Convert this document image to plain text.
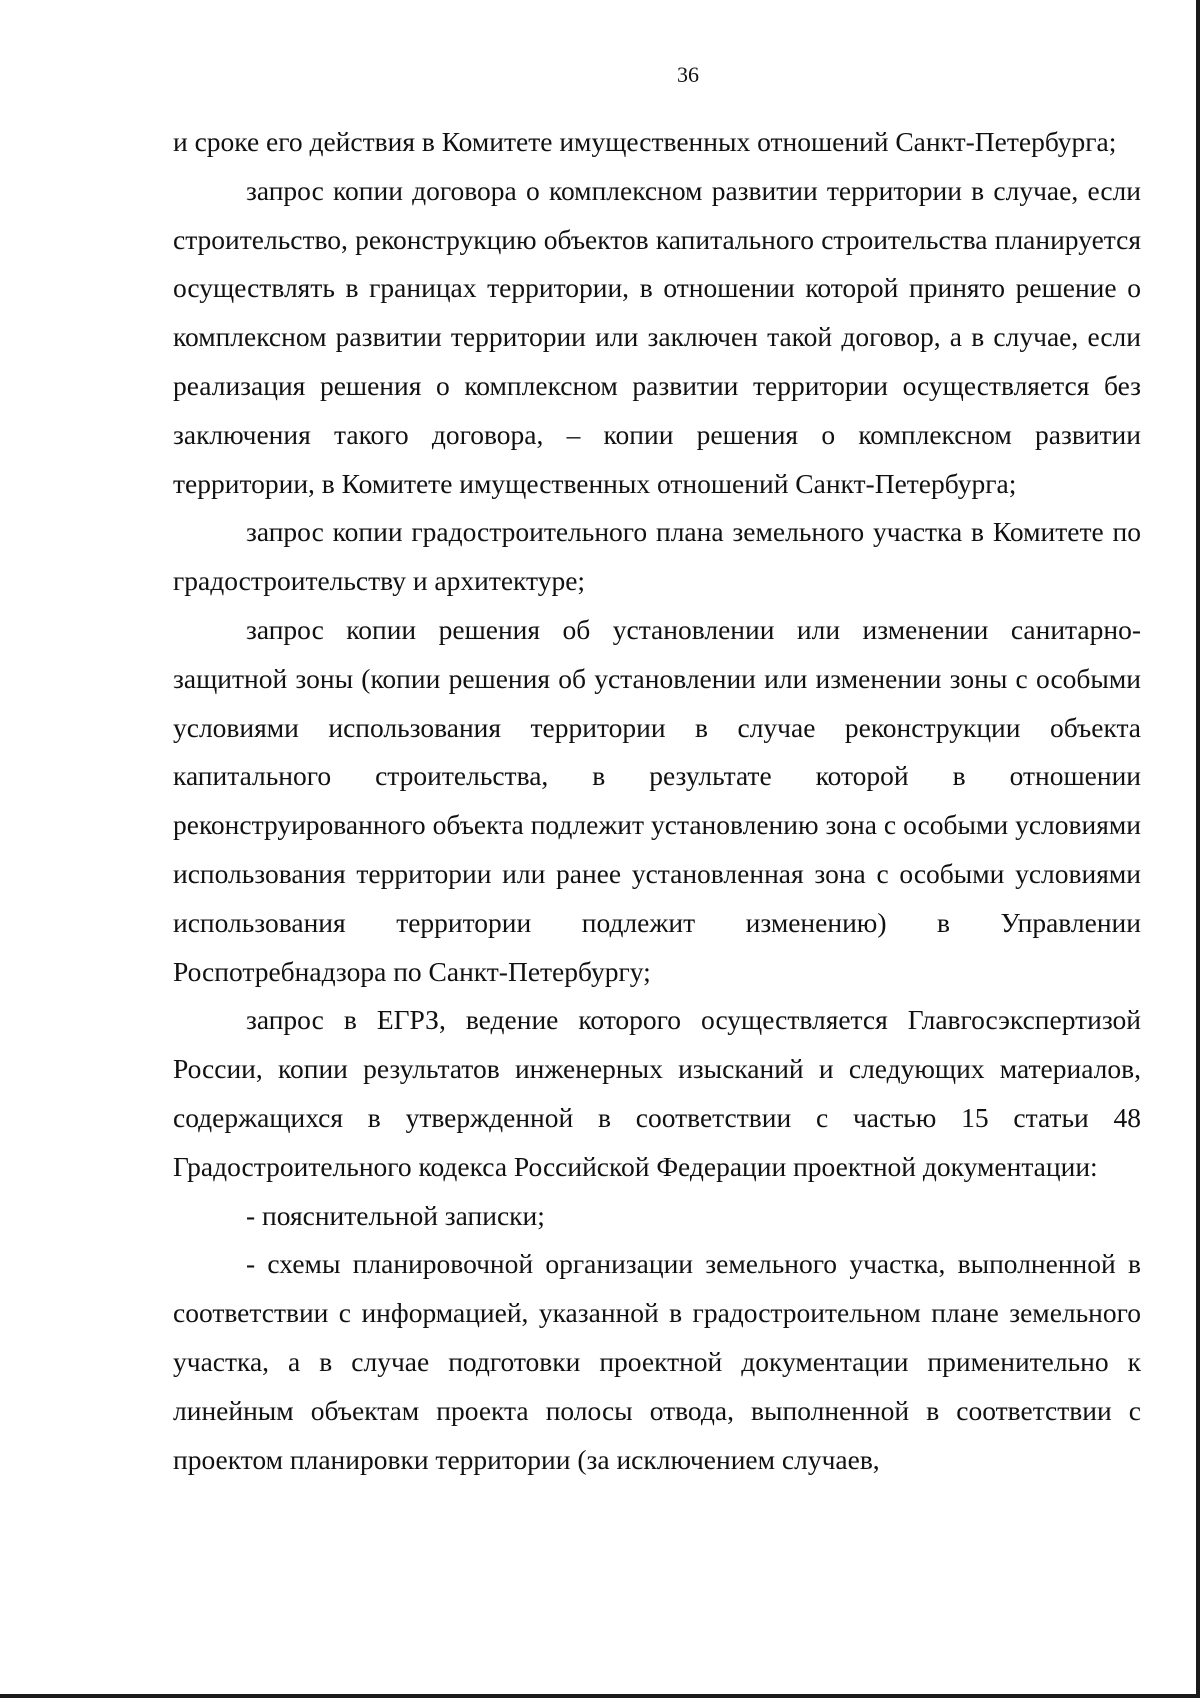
36

и сроке его действия в Комитете имущественных отношений Санкт-Петербурга;

запрос копии договора о комплексном развитии территории в случае, если строительство, реконструкцию объектов капитального строительства планируется осуществлять в границах территории, в отношении которой принято решение о комплексном развитии территории или заключен такой договор, а в случае, если реализация решения о комплексном развитии территории осуществляется без заключения такого договора, – копии решения о комплексном развитии территории, в Комитете имущественных отношений Санкт-Петербурга;

запрос копии градостроительного плана земельного участка в Комитете по градостроительству и архитектуре;

запрос копии решения об установлении или изменении санитарно-защитной зоны (копии решения об установлении или изменении зоны с особыми условиями использования территории в случае реконструкции объекта капитального строительства, в результате которой в отношении реконструированного объекта подлежит установлению зона с особыми условиями использования территории или ранее установленная зона с особыми условиями использования территории подлежит изменению) в Управлении Роспотребнадзора по Санкт-Петербургу;

запрос в ЕГРЗ, ведение которого осуществляется Главгосэкспертизой России, копии результатов инженерных изысканий и следующих материалов, содержащихся в утвержденной в соответствии с частью 15 статьи 48 Градостроительного кодекса Российской Федерации проектной документации:

- пояснительной записки;

- схемы планировочной организации земельного участка, выполненной в соответствии с информацией, указанной в градостроительном плане земельного участка, а в случае подготовки проектной документации применительно к линейным объектам проекта полосы отвода, выполненной в соответствии с проектом планировки территории (за исключением случаев,
